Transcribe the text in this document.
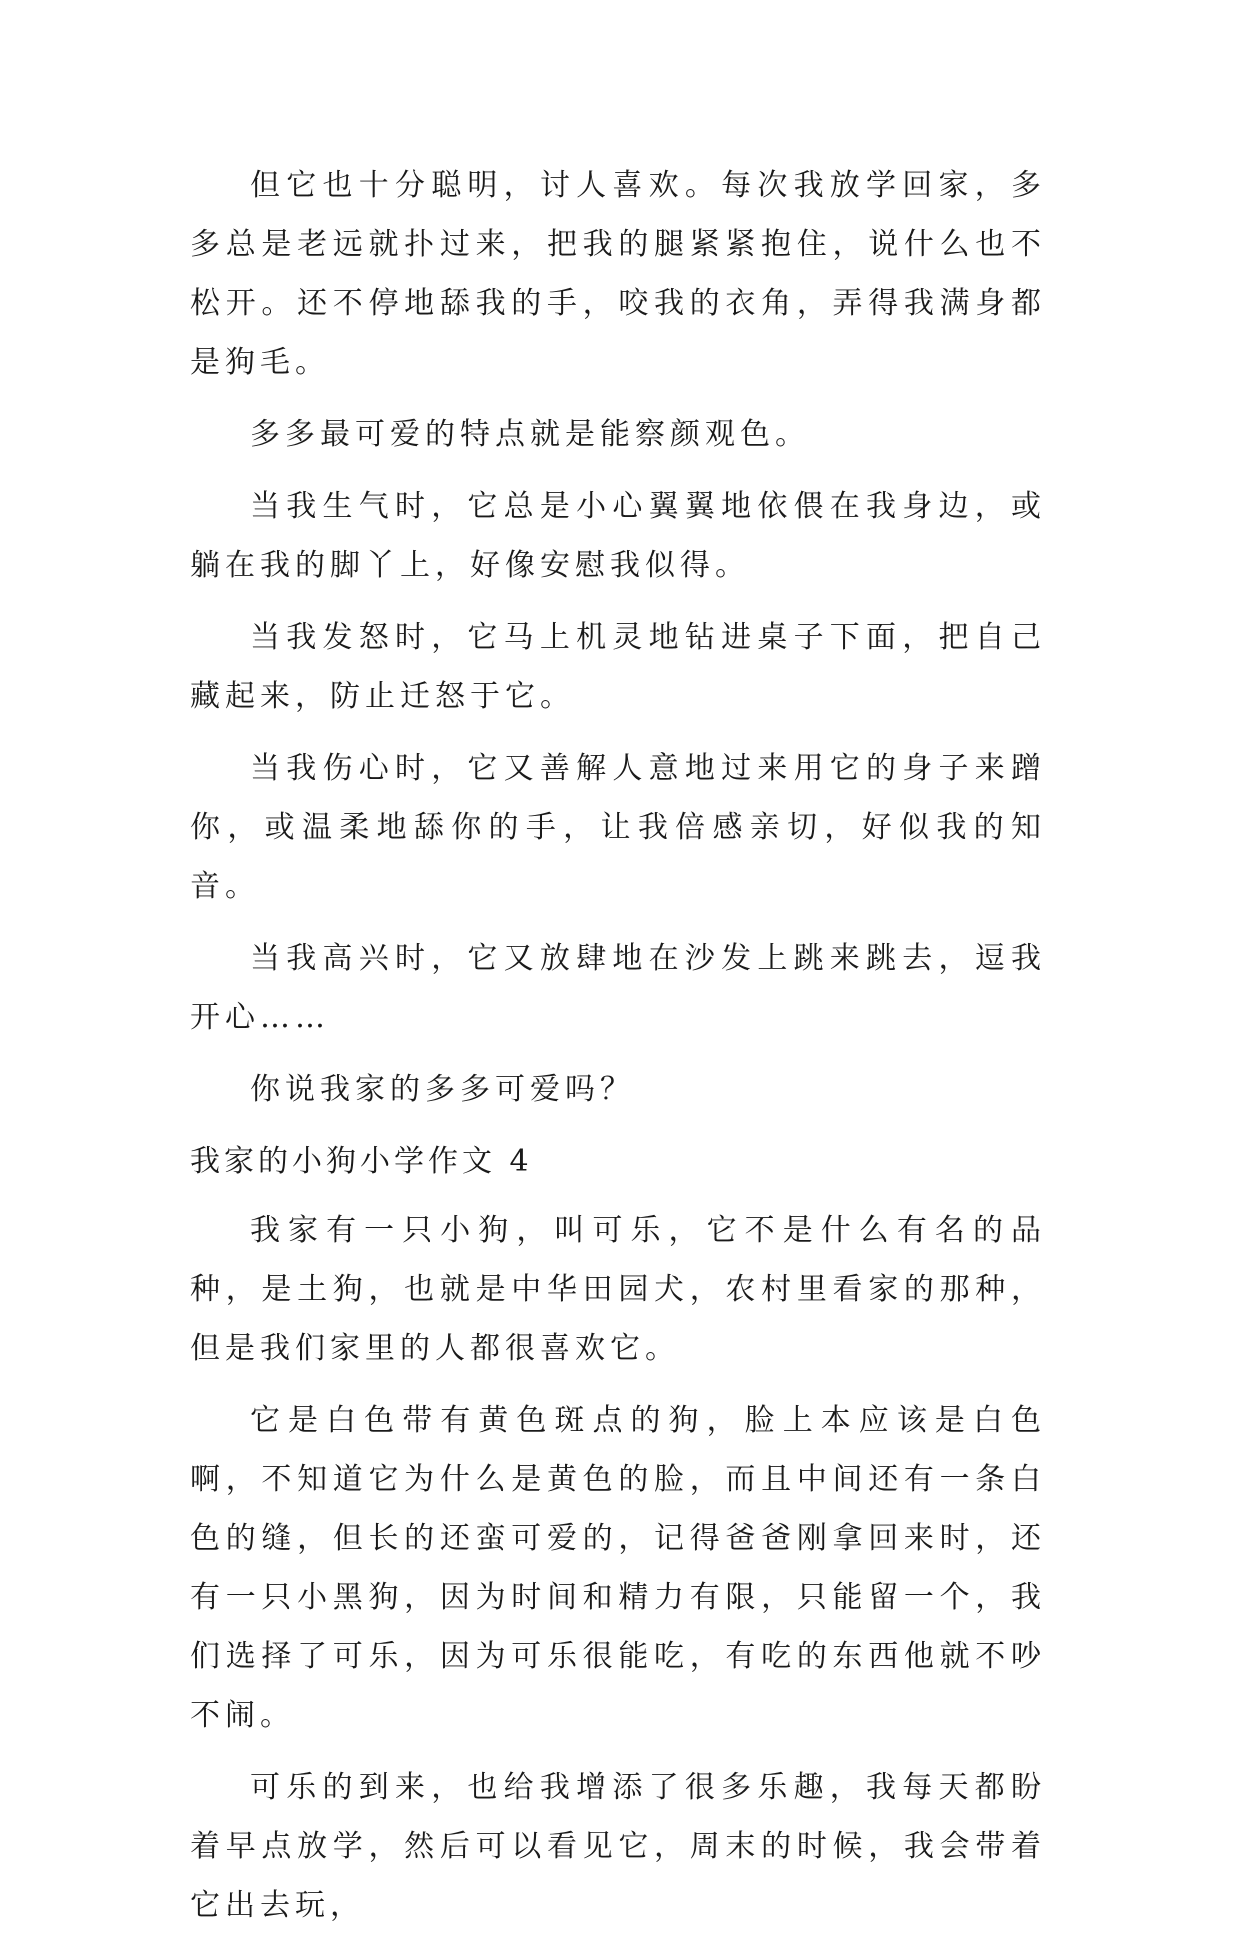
但它也十分聪明，讨人喜欢。每次我放学回家，多多总是老远就扑过来，把我的腿紧紧抱住，说什么也不松开。还不停地舔我的手，咬我的衣角，弄得我满身都是狗毛。

多多最可爱的特点就是能察颜观色。

当我生气时，它总是小心翼翼地依偎在我身边，或躺在我的脚丫上，好像安慰我似得。

当我发怒时，它马上机灵地钻进桌子下面，把自己藏起来，防止迁怒于它。

当我伤心时，它又善解人意地过来用它的身子来蹭你，或温柔地舔你的手，让我倍感亲切，好似我的知音。

当我高兴时，它又放肆地在沙发上跳来跳去，逗我开心……

你说我家的多多可爱吗？

我家的小狗小学作文 4

我家有一只小狗，叫可乐，它不是什么有名的品种，是土狗，也就是中华田园犬，农村里看家的那种，但是我们家里的人都很喜欢它。

它是白色带有黄色斑点的狗，脸上本应该是白色啊，不知道它为什么是黄色的脸，而且中间还有一条白色的缝，但长的还蛮可爱的，记得爸爸刚拿回来时，还有一只小黑狗，因为时间和精力有限，只能留一个，我们选择了可乐，因为可乐很能吃，有吃的东西他就不吵不闹。

可乐的到来，也给我增添了很多乐趣，我每天都盼着早点放学，然后可以看见它，周末的时候，我会带着它出去玩，
